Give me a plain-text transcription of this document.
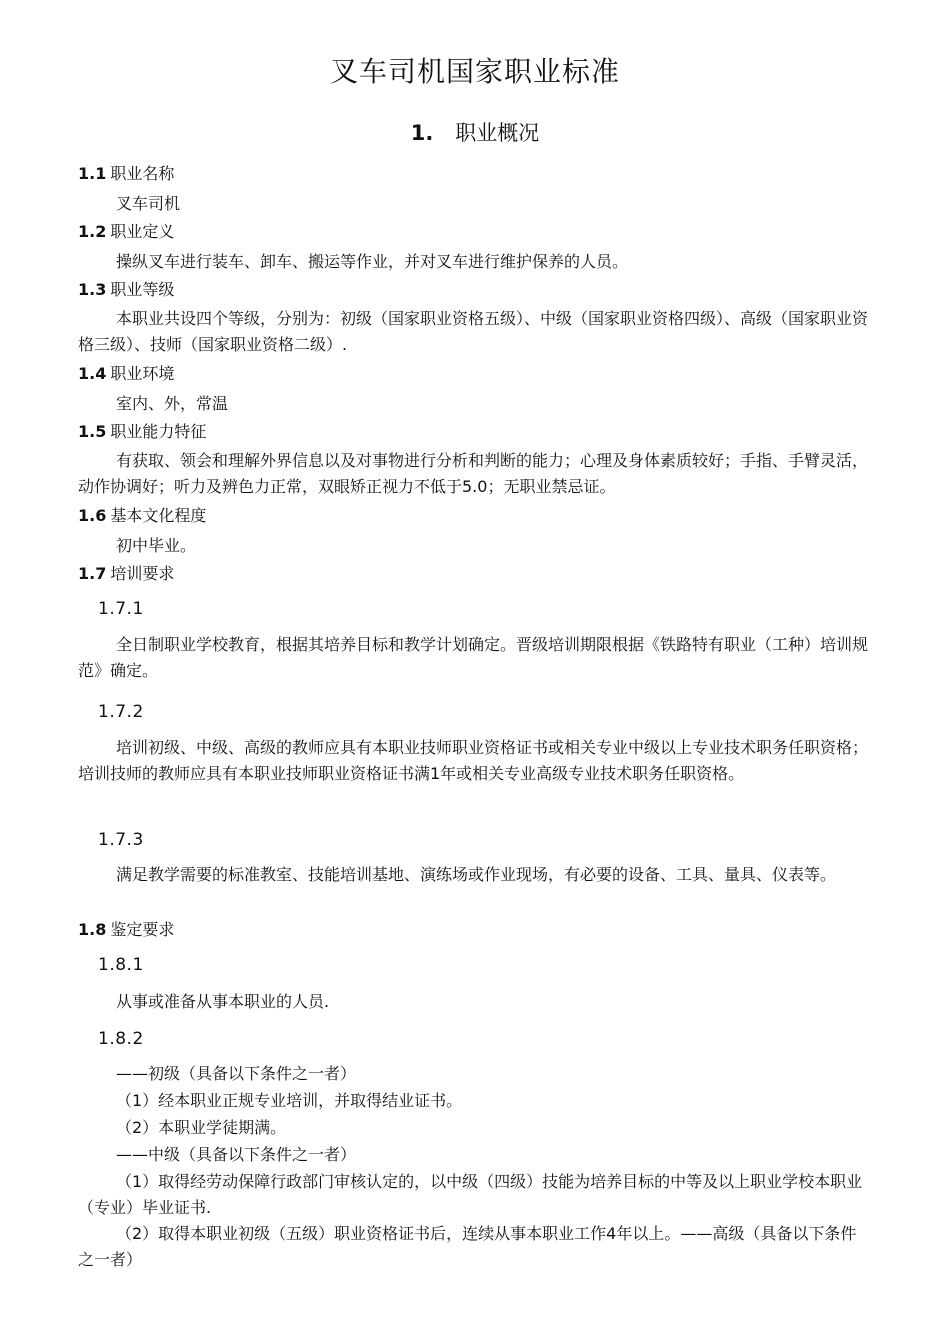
叉车司机国家职业标准
1. 职业概况
1.1 职业名称

叉车司机

1.2 职业定义

操纵叉车进行装车、卸车、搬运等作业，并对叉车进行维护保养的人员。

1.3 职业等级

本职业共设四个等级，分别为：初级（国家职业资格五级）、中级（国家职业资格四级）、高级（国家职业资格三级）、技师（国家职业资格二级）.

1.4 职业环境

室内、外，常温

1.5 职业能力特征

有获取、领会和理解外界信息以及对事物进行分析和判断的能力；心理及身体素质较好；手指、手臂灵活，动作协调好；听力及辨色力正常，双眼矫正视力不低于5.0；无职业禁忌证。

1.6 基本文化程度

初中毕业。

1.7 培训要求
1.7.1

全日制职业学校教育，根据其培养目标和教学计划确定。晋级培训期限根据《铁路特有职业（工种）培训规范》确定。

1.7.2

培训初级、中级、高级的教师应具有本职业技师职业资格证书或相关专业中级以上专业技术职务任职资格；培训技师的教师应具有本职业技师职业资格证书满1年或相关专业高级专业技术职务任职资格。

1.7.3

满足教学需要的标准教室、技能培训基地、演练场或作业现场，有必要的设备、工具、量具、仪表等。

1.8 鉴定要求
1.8.1

从事或准备从事本职业的人员.

1.8.2

——初级（具备以下条件之一者）

（1）经本职业正规专业培训，并取得结业证书。

（2）本职业学徒期满。

——中级（具备以下条件之一者）

（1）取得经劳动保障行政部门审核认定的，以中级（四级）技能为培养目标的中等及以上职业学校本职业（专业）毕业证书.

（2）取得本职业初级（五级）职业资格证书后，连续从事本职业工作4年以上。——高级（具备以下条件之一者）
